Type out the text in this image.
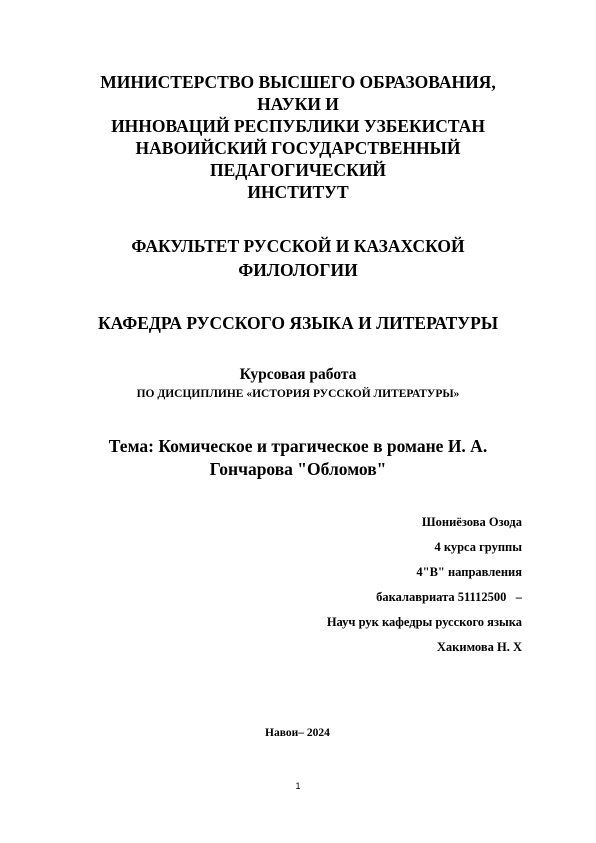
МИНИСТЕРСТВО ВЫСШЕГО ОБРАЗОВАНИЯ,
НАУКИ И
ИННОВАЦИЙ РЕСПУБЛИКИ УЗБЕКИСТАН
НАВОИЙСКИЙ ГОСУДАРСТВЕННЫЙ
ПЕДАГОГИЧЕСКИЙ
ИНСТИТУТ
ФАКУЛЬТЕТ РУССКОЙ И КАЗАХСКОЙ
ФИЛОЛОГИИ
КАФЕДРА РУССКОГО ЯЗЫКА И ЛИТЕРАТУРЫ
Курсовая работа
ПО ДИСЦИПЛИНЕ «ИСТОРИЯ РУССКОЙ ЛИТЕРАТУРЫ»
Тема: Комическое и трагическое в романе И. А.
Гончарова "Обломов"
Шониёзова Озода
4 курса группы
4"В" направления
бакалавриата 51112500   –
Науч рук кафедры русского языка
Хакимова Н. Х
Навои– 2024
1
